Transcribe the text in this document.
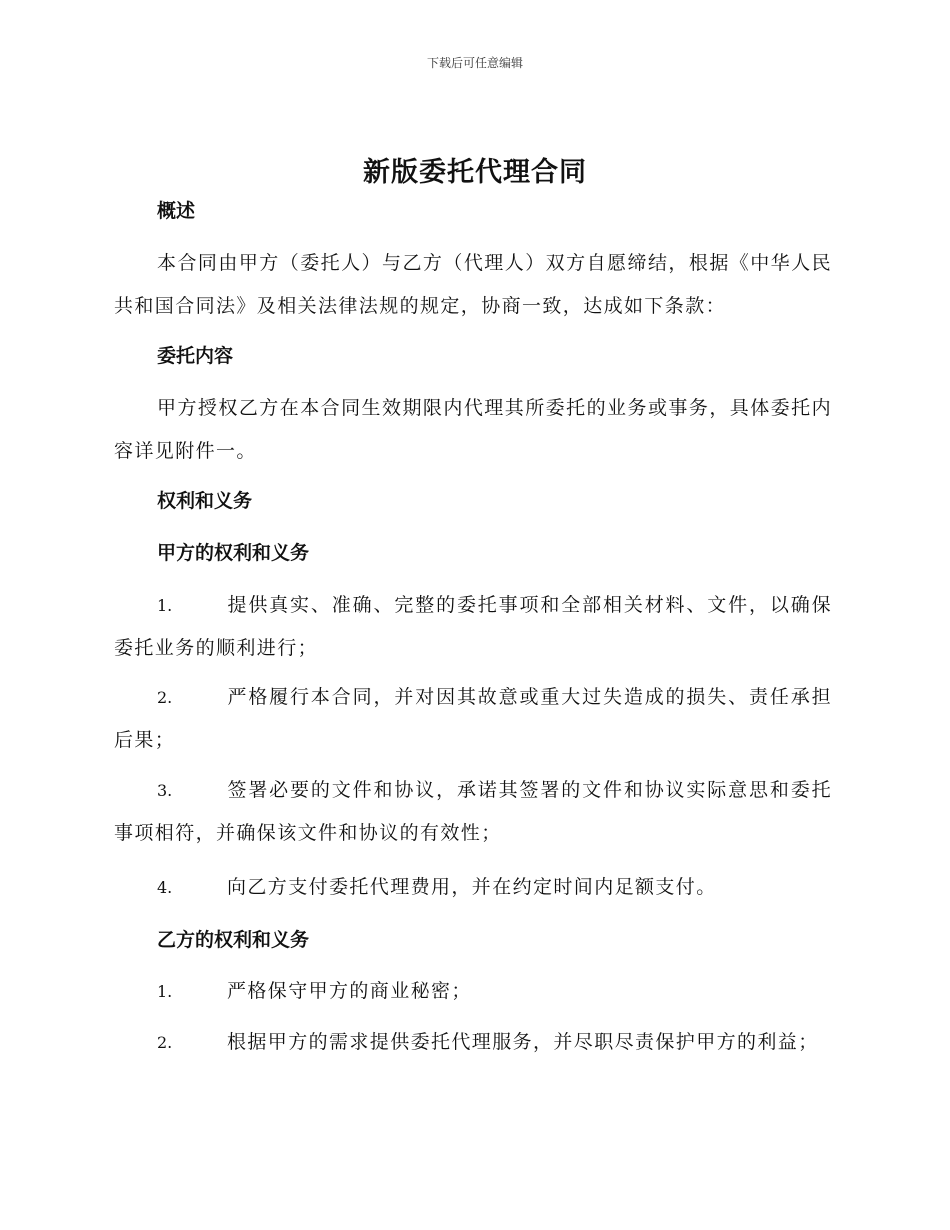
下载后可任意编辑
新版委托代理合同
概述
本合同由甲方（委托人）与乙方（代理人）双方自愿缔结，根据《中华人民共和国合同法》及相关法律法规的规定，协商一致，达成如下条款：
委托内容
甲方授权乙方在本合同生效期限内代理其所委托的业务或事务，具体委托内容详见附件一。
权利和义务
甲方的权利和义务
1.	提供真实、准确、完整的委托事项和全部相关材料、文件，以确保委托业务的顺利进行；
2.	严格履行本合同，并对因其故意或重大过失造成的损失、责任承担后果；
3.	签署必要的文件和协议，承诺其签署的文件和协议实际意思和委托事项相符，并确保该文件和协议的有效性；
4.	向乙方支付委托代理费用，并在约定时间内足额支付。
乙方的权利和义务
1.	严格保守甲方的商业秘密；
2.	根据甲方的需求提供委托代理服务，并尽职尽责保护甲方的利益；
